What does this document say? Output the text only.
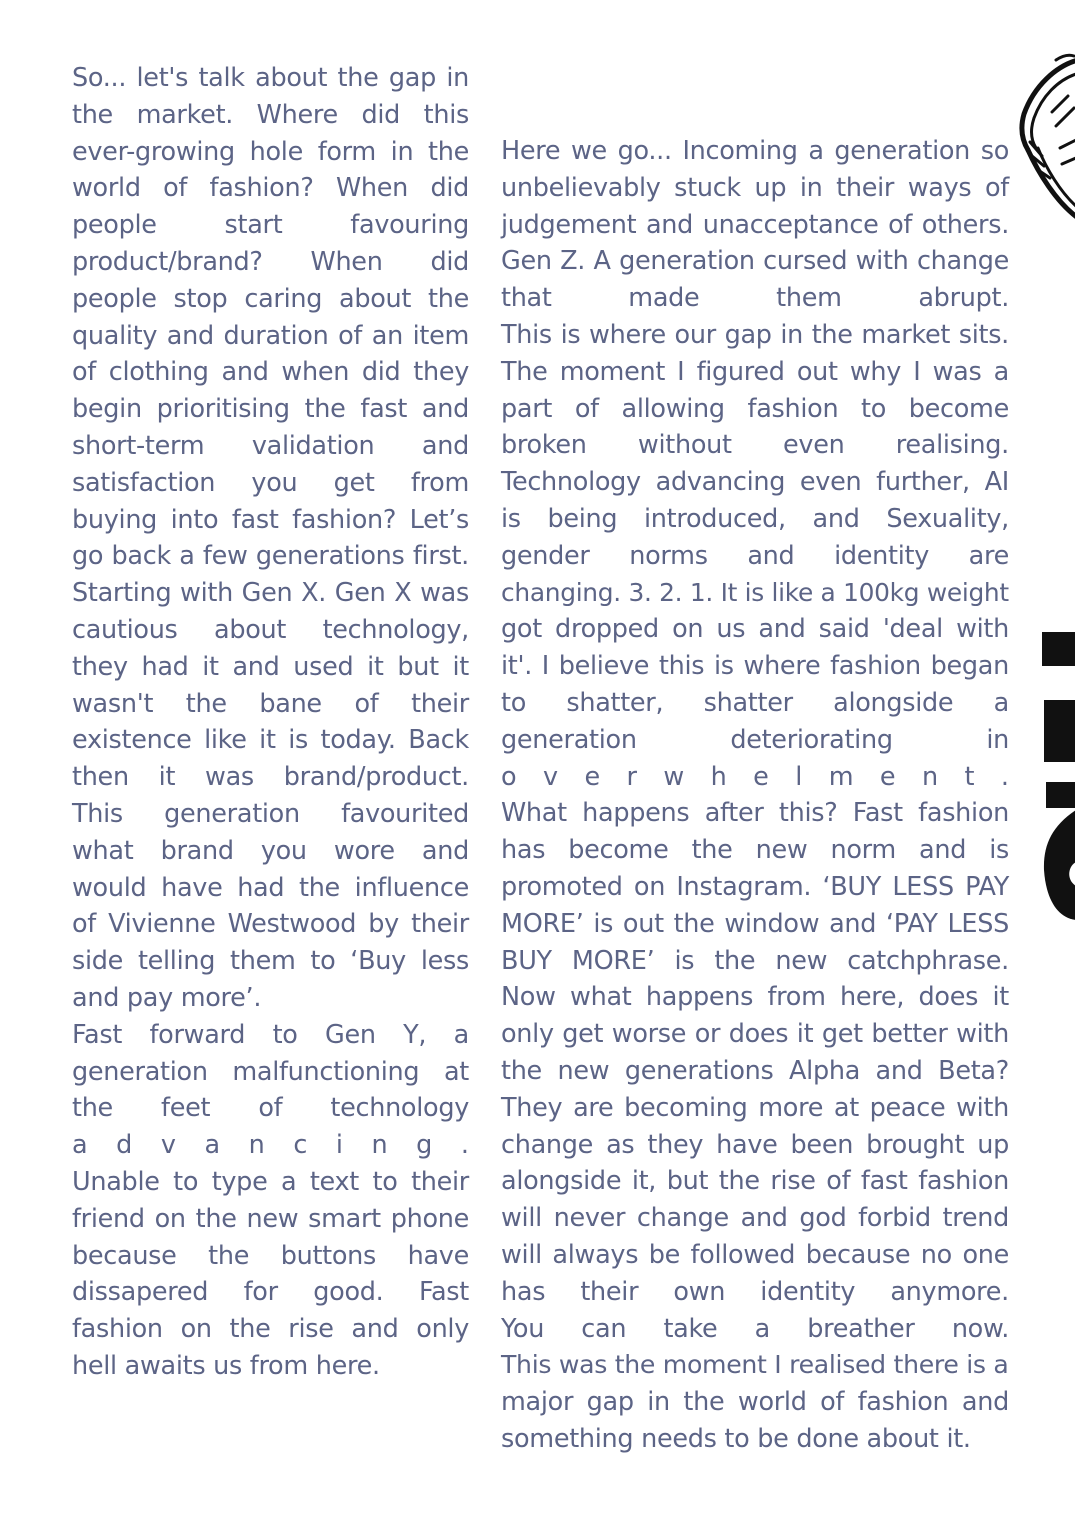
So... let's talk about the gap in
the market. Where did this
ever-growing hole form in the
world of fashion? When did
people start favouring
product/brand? When did
people stop caring about the
quality and duration of an item
of clothing and when did they
begin prioritising the fast and
short-term validation and
satisfaction you get from
buying into fast fashion? Let’s
go back a few generations first.
Starting with Gen X. Gen X was
cautious about technology,
they had it and used it but it
wasn't the bane of their
existence like it is today. Back
then it was brand/product.
This generation favourited
what brand you wore and
would have had the influence
of Vivienne Westwood by their
side telling them to ‘Buy less
and pay more’.
Fast forward to Gen Y, a
generation malfunctioning at
the feet of technology
a d v a n c i n g .
Unable to type a text to their
friend on the new smart phone
because the buttons have
dissapered for good. Fast
fashion on the rise and only
hell awaits us from here.
Here we go... Incoming a generation so
unbelievably stuck up in their ways of
judgement and unacceptance of others.
Gen Z. A generation cursed with change
that made them abrupt.
This is where our gap in the market sits.
The moment I figured out why I was a
part of allowing fashion to become
broken without even realising.
Technology advancing even further, AI
is being introduced, and Sexuality,
gender norms and identity are
changing. 3. 2. 1. It is like a 100kg weight
got dropped on us and said 'deal with
it'. I believe this is where fashion began
to shatter, shatter alongside a
generation deteriorating in
o v e r w h e l m e n t .
What happens after this? Fast fashion
has become the new norm and is
promoted on Instagram. ‘BUY LESS PAY
MORE’ is out the window and ‘PAY LESS
BUY MORE’ is the new catchphrase.
Now what happens from here, does it
only get worse or does it get better with
the new generations Alpha and Beta?
They are becoming more at peace with
change as they have been brought up
alongside it, but the rise of fast fashion
will never change and god forbid trend
will always be followed because no one
has their own identity anymore.
You can take a breather now.
This was the moment I realised there is a
major gap in the world of fashion and
something needs to be done about it.
